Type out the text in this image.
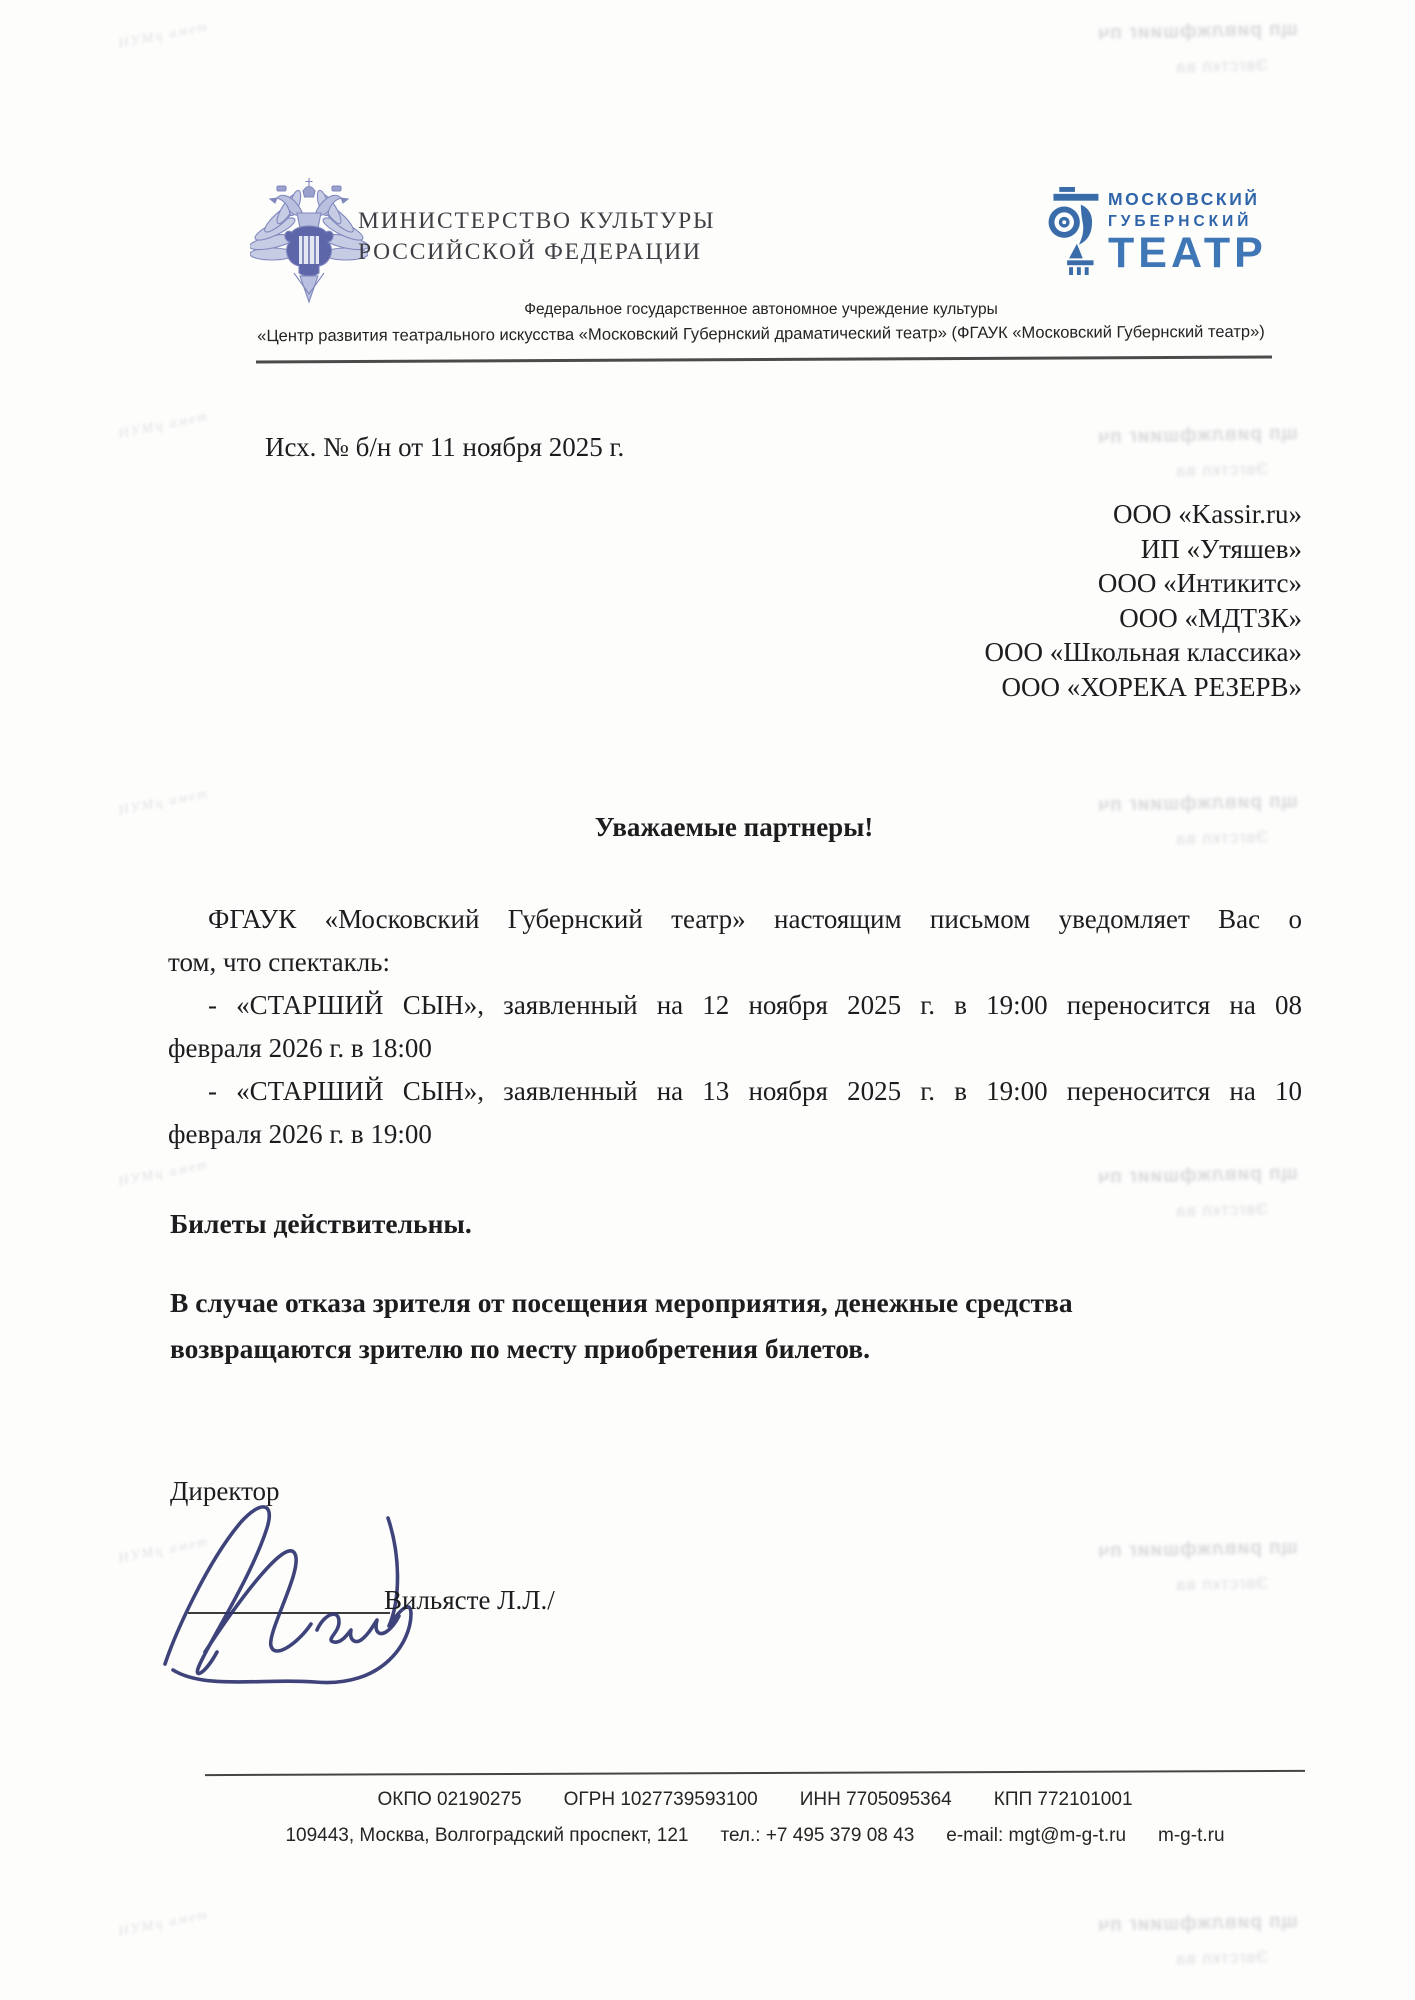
щп ривлжфшииг пч
Эвгсткп ва
щп ривлжфшииг пч
Эвгсткп ва
щп ривлжфшииг пч
Эвгсткп ва
щп ривлжфшииг пч
Эвгсткп ва
щп ривлжфшииг пч
Эвгсткп ва
щп ривлжфшииг пч
Эвгсткп ва
НУМц амет
НУМц амет
НУМц амет
НУМц амет
НУМц амет
НУМц амет
МИНИСТЕРСТВО КУЛЬТУРЫ
РОССИЙСКОЙ ФЕДЕРАЦИИ
МОСКОВСКИЙ
ГУБЕРНСКИЙ
ТЕАТР
Федеральное государственное автономное учреждение культуры
«Центр развития театрального искусства «Московский Губернский драматический театр» (ФГАУК «Московский Губернский театр»)
Исх. № б/н от 11 ноября 2025 г.
ООО «Kassir.ru»
ИП «Утяшев»
ООО «Интикитс»
ООО «МДТЗК»
ООО «Школьная классика»
ООО «ХОРЕКА РЕЗЕРВ»
Уважаемые партнеры!
ФГАУК «Московский Губернский театр» настоящим письмом уведомляет Вас о
том, что спектакль:
- «СТАРШИЙ СЫН», заявленный на 12 ноября 2025 г. в 19:00 переносится на 08
февраля 2026 г. в 18:00
- «СТАРШИЙ СЫН», заявленный на 13 ноября 2025 г. в 19:00 переносится на 10
февраля 2026 г. в 19:00
Билеты действительны.
В случае отказа зрителя от посещения мероприятия, денежные средства возвращаются зрителю по месту приобретения билетов.
Директор
Вильясте Л.Л./
ОКПО 02190275 ОГРН 1027739593100 ИНН 7705095364 КПП 772101001
109443, Москва, Волгоградский проспект, 121 тел.: +7 495 379 08 43 e-mail: mgt@m-g-t.ru m-g-t.ru
